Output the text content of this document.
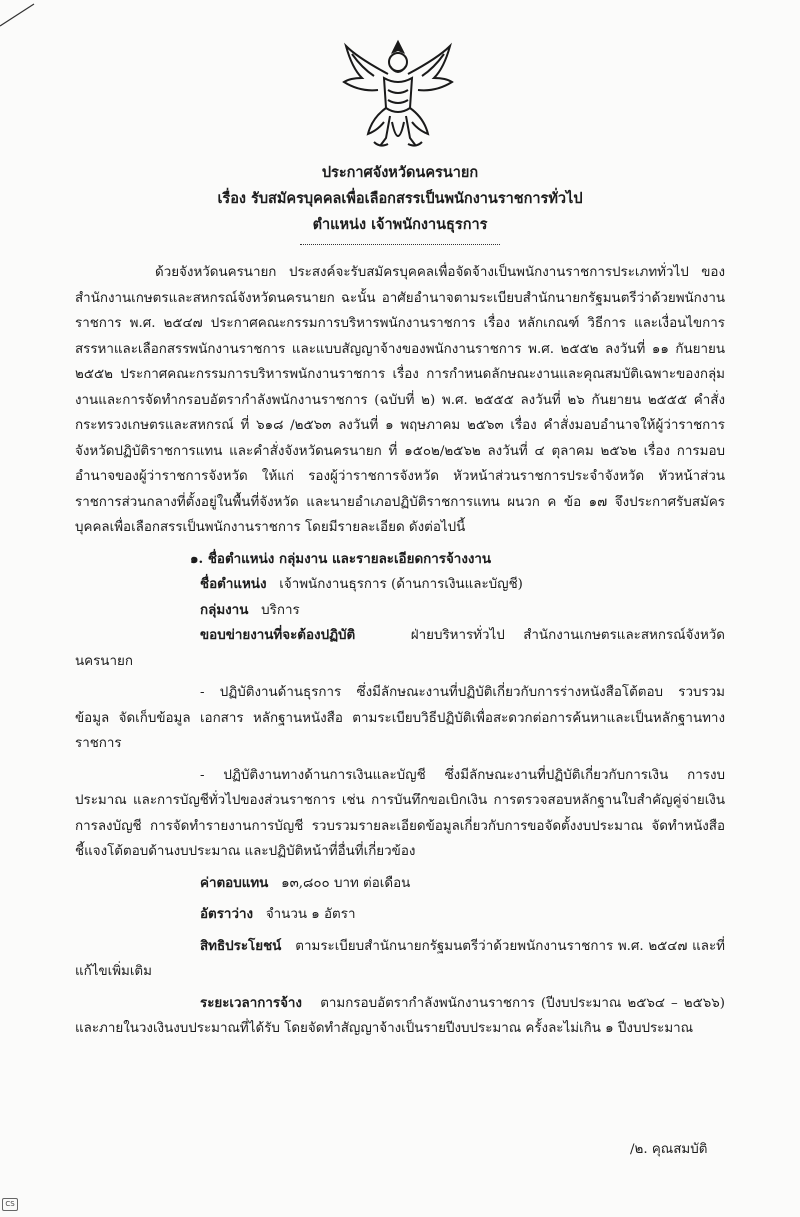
ประกาศจังหวัดนครนายก
เรื่อง รับสมัครบุคคลเพื่อเลือกสรรเป็นพนักงานราชการทั่วไป
ตำแหน่ง เจ้าพนักงานธุรการ

ด้วยจังหวัดนครนายก ประสงค์จะรับสมัครบุคคลเพื่อจัดจ้างเป็นพนักงานราชการประเภททั่วไป ของสำนักงานเกษตรและสหกรณ์จังหวัดนครนายก ฉะนั้น อาศัยอำนาจตามระเบียบสำนักนายกรัฐมนตรีว่าด้วยพนักงานราชการ พ.ศ. ๒๕๔๗ ประกาศคณะกรรมการบริหารพนักงานราชการ เรื่อง หลักเกณฑ์ วิธีการ และเงื่อนไขการสรรหาและเลือกสรรพนักงานราชการ และแบบสัญญาจ้างของพนักงานราชการ พ.ศ. ๒๕๕๒ ลงวันที่ ๑๑ กันยายน ๒๕๕๒ ประกาศคณะกรรมการบริหารพนักงานราชการ เรื่อง การกำหนดลักษณะงานและคุณสมบัติเฉพาะของกลุ่มงานและการจัดทำกรอบอัตรากำลังพนักงานราชการ (ฉบับที่ ๒) พ.ศ. ๒๕๕๕ ลงวันที่ ๒๖ กันยายน ๒๕๕๕ คำสั่งกระทรวงเกษตรและสหกรณ์ ที่ ๖๑๘ /๒๕๖๓ ลงวันที่ ๑ พฤษภาคม ๒๕๖๓ เรื่อง คำสั่งมอบอำนาจให้ผู้ว่าราชการจังหวัดปฏิบัติราชการแทน และคำสั่งจังหวัดนครนายก ที่ ๑๕๐๒/๒๕๖๒ ลงวันที่ ๔ ตุลาคม ๒๕๖๒ เรื่อง การมอบอำนาจของผู้ว่าราชการจังหวัด ให้แก่ รองผู้ว่าราชการจังหวัด หัวหน้าส่วนราชการประจำจังหวัด หัวหน้าส่วนราชการส่วนกลางที่ตั้งอยู่ในพื้นที่จังหวัด และนายอำเภอปฏิบัติราชการแทน ผนวก ค ข้อ ๑๗ จึงประกาศรับสมัครบุคคลเพื่อเลือกสรรเป็นพนักงานราชการ โดยมีรายละเอียด ดังต่อไปนี้

๑. ชื่อตำแหน่ง กลุ่มงาน และรายละเอียดการจ้างงาน
ชื่อตำแหน่ง เจ้าพนักงานธุรการ (ด้านการเงินและบัญชี)
กลุ่มงาน บริการ

ขอบข่ายงานที่จะต้องปฏิบัติ	ฝ่ายบริหารทั่วไป สำนักงานเกษตรและสหกรณ์จังหวัดนครนายก

- ปฏิบัติงานด้านธุรการ ซึ่งมีลักษณะงานที่ปฏิบัติเกี่ยวกับการร่างหนังสือโต้ตอบ รวบรวมข้อมูล จัดเก็บข้อมูล เอกสาร หลักฐานหนังสือ ตามระเบียบวิธีปฏิบัติเพื่อสะดวกต่อการค้นหาและเป็นหลักฐานทางราชการ

- ปฏิบัติงานทางด้านการเงินและบัญชี ซึ่งมีลักษณะงานที่ปฏิบัติเกี่ยวกับการเงิน การงบประมาณ และการบัญชีทั่วไปของส่วนราชการ เช่น การบันทึกขอเบิกเงิน การตรวจสอบหลักฐานใบสำคัญคู่จ่ายเงิน การลงบัญชี การจัดทำรายงานการบัญชี รวบรวมรายละเอียดข้อมูลเกี่ยวกับการขอจัดตั้งงบประมาณ จัดทำหนังสือชี้แจงโต้ตอบด้านงบประมาณ และปฏิบัติหน้าที่อื่นที่เกี่ยวข้อง

ค่าตอบแทน ๑๓,๘๐๐ บาท ต่อเดือน
อัตราว่าง จำนวน ๑ อัตรา

สิทธิประโยชน์ ตามระเบียบสำนักนายกรัฐมนตรีว่าด้วยพนักงานราชการ พ.ศ. ๒๕๔๗ และที่แก้ไขเพิ่มเติม

ระยะเวลาการจ้าง ตามกรอบอัตรากำลังพนักงานราชการ (ปีงบประมาณ ๒๕๖๔ – ๒๕๖๖) และภายในวงเงินงบประมาณที่ได้รับ โดยจัดทำสัญญาจ้างเป็นรายปีงบประมาณ ครั้งละไม่เกิน ๑ ปีงบประมาณ

/๒. คุณสมบัติ
CS
